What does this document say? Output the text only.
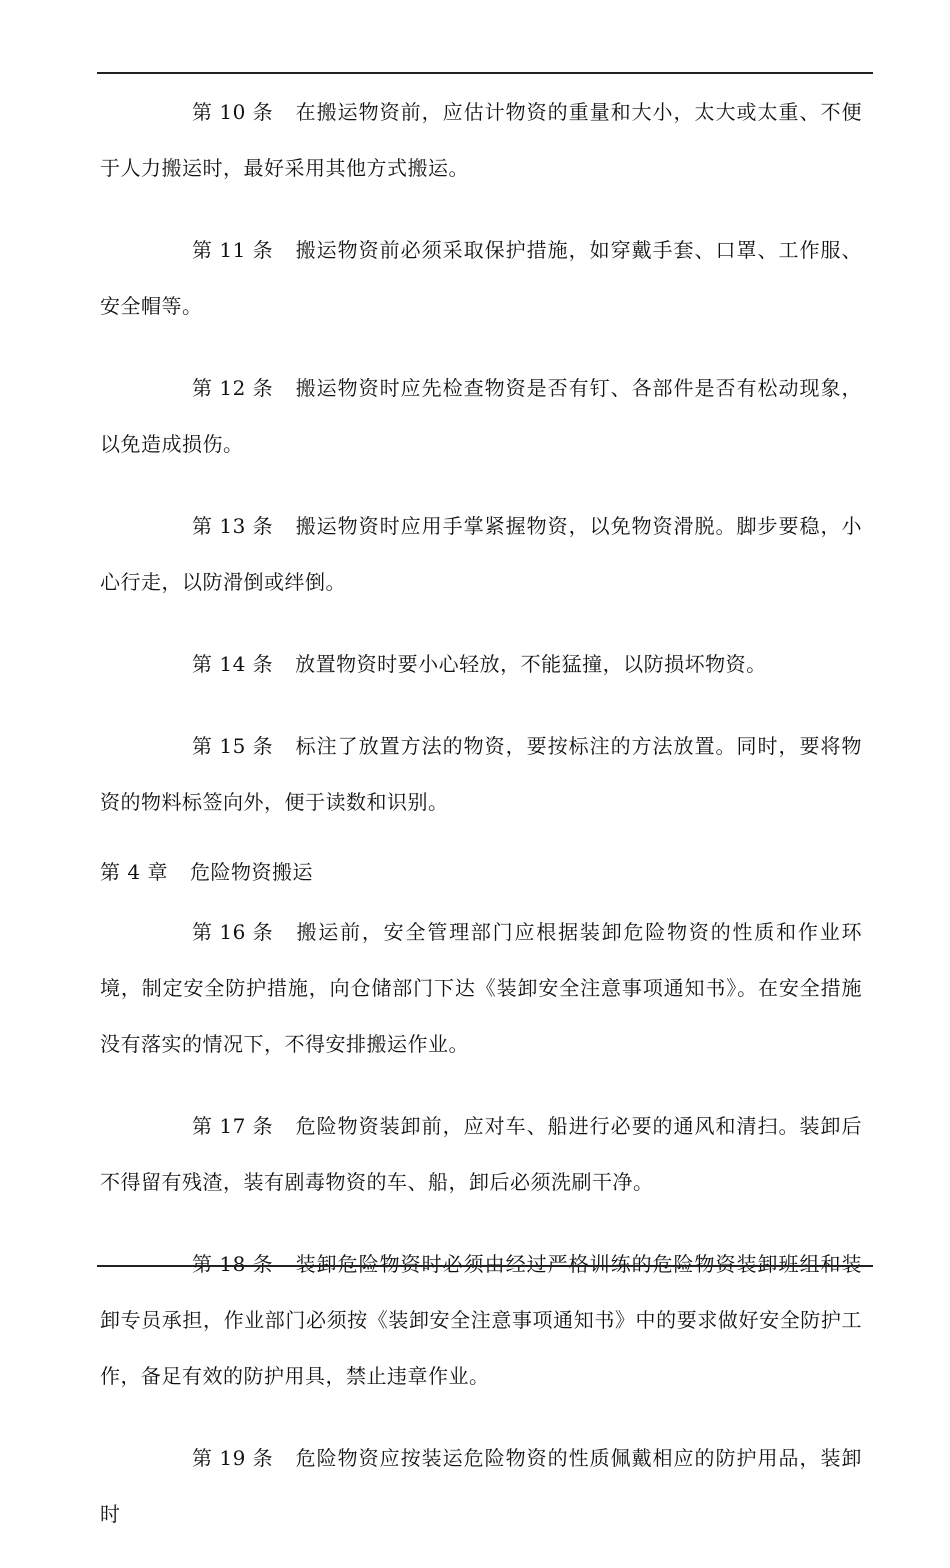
第 10 条 在搬运物资前，应估计物资的重量和大小，太大或太重、不便于人力搬运时，最好采用其他方式搬运。

第 11 条 搬运物资前必须采取保护措施，如穿戴手套、口罩、工作服、安全帽等。

第 12 条 搬运物资时应先检查物资是否有钉、各部件是否有松动现象，以免造成损伤。

第 13 条 搬运物资时应用手掌紧握物资，以免物资滑脱。脚步要稳，小心行走，以防滑倒或绊倒。

第 14 条 放置物资时要小心轻放，不能猛撞，以防损坏物资。

第 15 条 标注了放置方法的物资，要按标注的方法放置。同时，要将物资的物料标签向外，便于读数和识别。

第 4 章 危险物资搬运

第 16 条 搬运前，安全管理部门应根据装卸危险物资的性质和作业环境，制定安全防护措施，向仓储部门下达《装卸安全注意事项通知书》。在安全措施没有落实的情况下，不得安排搬运作业。

第 17 条 危险物资装卸前，应对车、船进行必要的通风和清扫。装卸后不得留有残渣，装有剧毒物资的车、船，卸后必须洗刷干净。

第 18 条 装卸危险物资时必须由经过严格训练的危险物资装卸班组和装卸专员承担，作业部门必须按《装卸安全注意事项通知书》中的要求做好安全防护工作，备足有效的防护用具，禁止违章作业。

第 19 条 危险物资应按装运危险物资的性质佩戴相应的防护用品，装卸时
